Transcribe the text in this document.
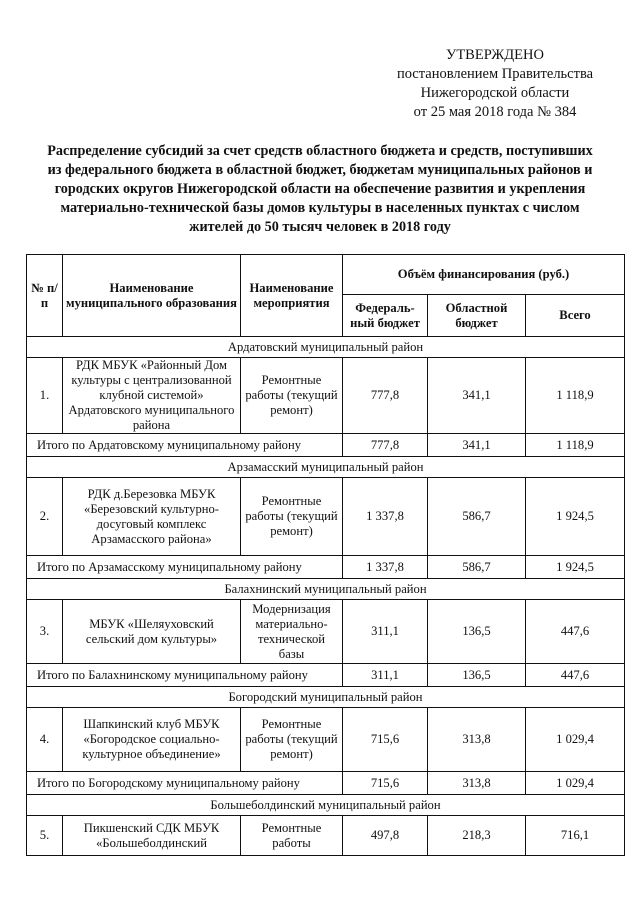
УТВЕРЖДЕНО
постановлением Правительства
Нижегородской области
от 25 мая 2018 года № 384
Распределение субсидий за счет средств областного бюджета и средств, поступивших из федерального бюджета в областной бюджет, бюджетам муниципальных районов и городских округов Нижегородской области на обеспечение развития и укрепления материально-технической базы домов культуры в населенных пунктах с числом жителей до 50 тысяч человек в 2018 году
№ п/п	Наименование муниципального образования	Наименование мероприятия	Объём финансирования (руб.)		
			Федераль-ный бюджет	Областной бюджет	Всего
Ардатовский муниципальный район					
1.	РДК МБУК «Районный Дом культуры с централизованной клубной системой» Ардатовского муниципального района	Ремонтные работы (текущий ремонт)	777,8	341,1	1 118,9
Итого по Ардатовскому муниципальному району			777,8	341,1	1 118,9
Арзамасский муниципальный район					
2.	РДК д.Березовка МБУК «Березовский культурно-досуговый комплекс Арзамасского района»	Ремонтные работы (текущий ремонт)	1 337,8	586,7	1 924,5
Итого по Арзамасскому муниципальному району			1 337,8	586,7	1 924,5
Балахнинский муниципальный район					
3.	МБУК «Шеляуховский сельский дом культуры»	Модернизация материально-технической базы	311,1	136,5	447,6
Итого по Балахнинскому муниципальному району			311,1	136,5	447,6
Богородский муниципальный район					
4.	Шапкинский клуб МБУК «Богородское социально-культурное объединение»	Ремонтные работы (текущий ремонт)	715,6	313,8	1 029,4
Итого по Богородскому муниципальному району			715,6	313,8	1 029,4
Большеболдинский муниципальный район					
5.	Пикшенский СДК МБУК «Большеболдинский	Ремонтные работы	497,8	218,3	716,1
